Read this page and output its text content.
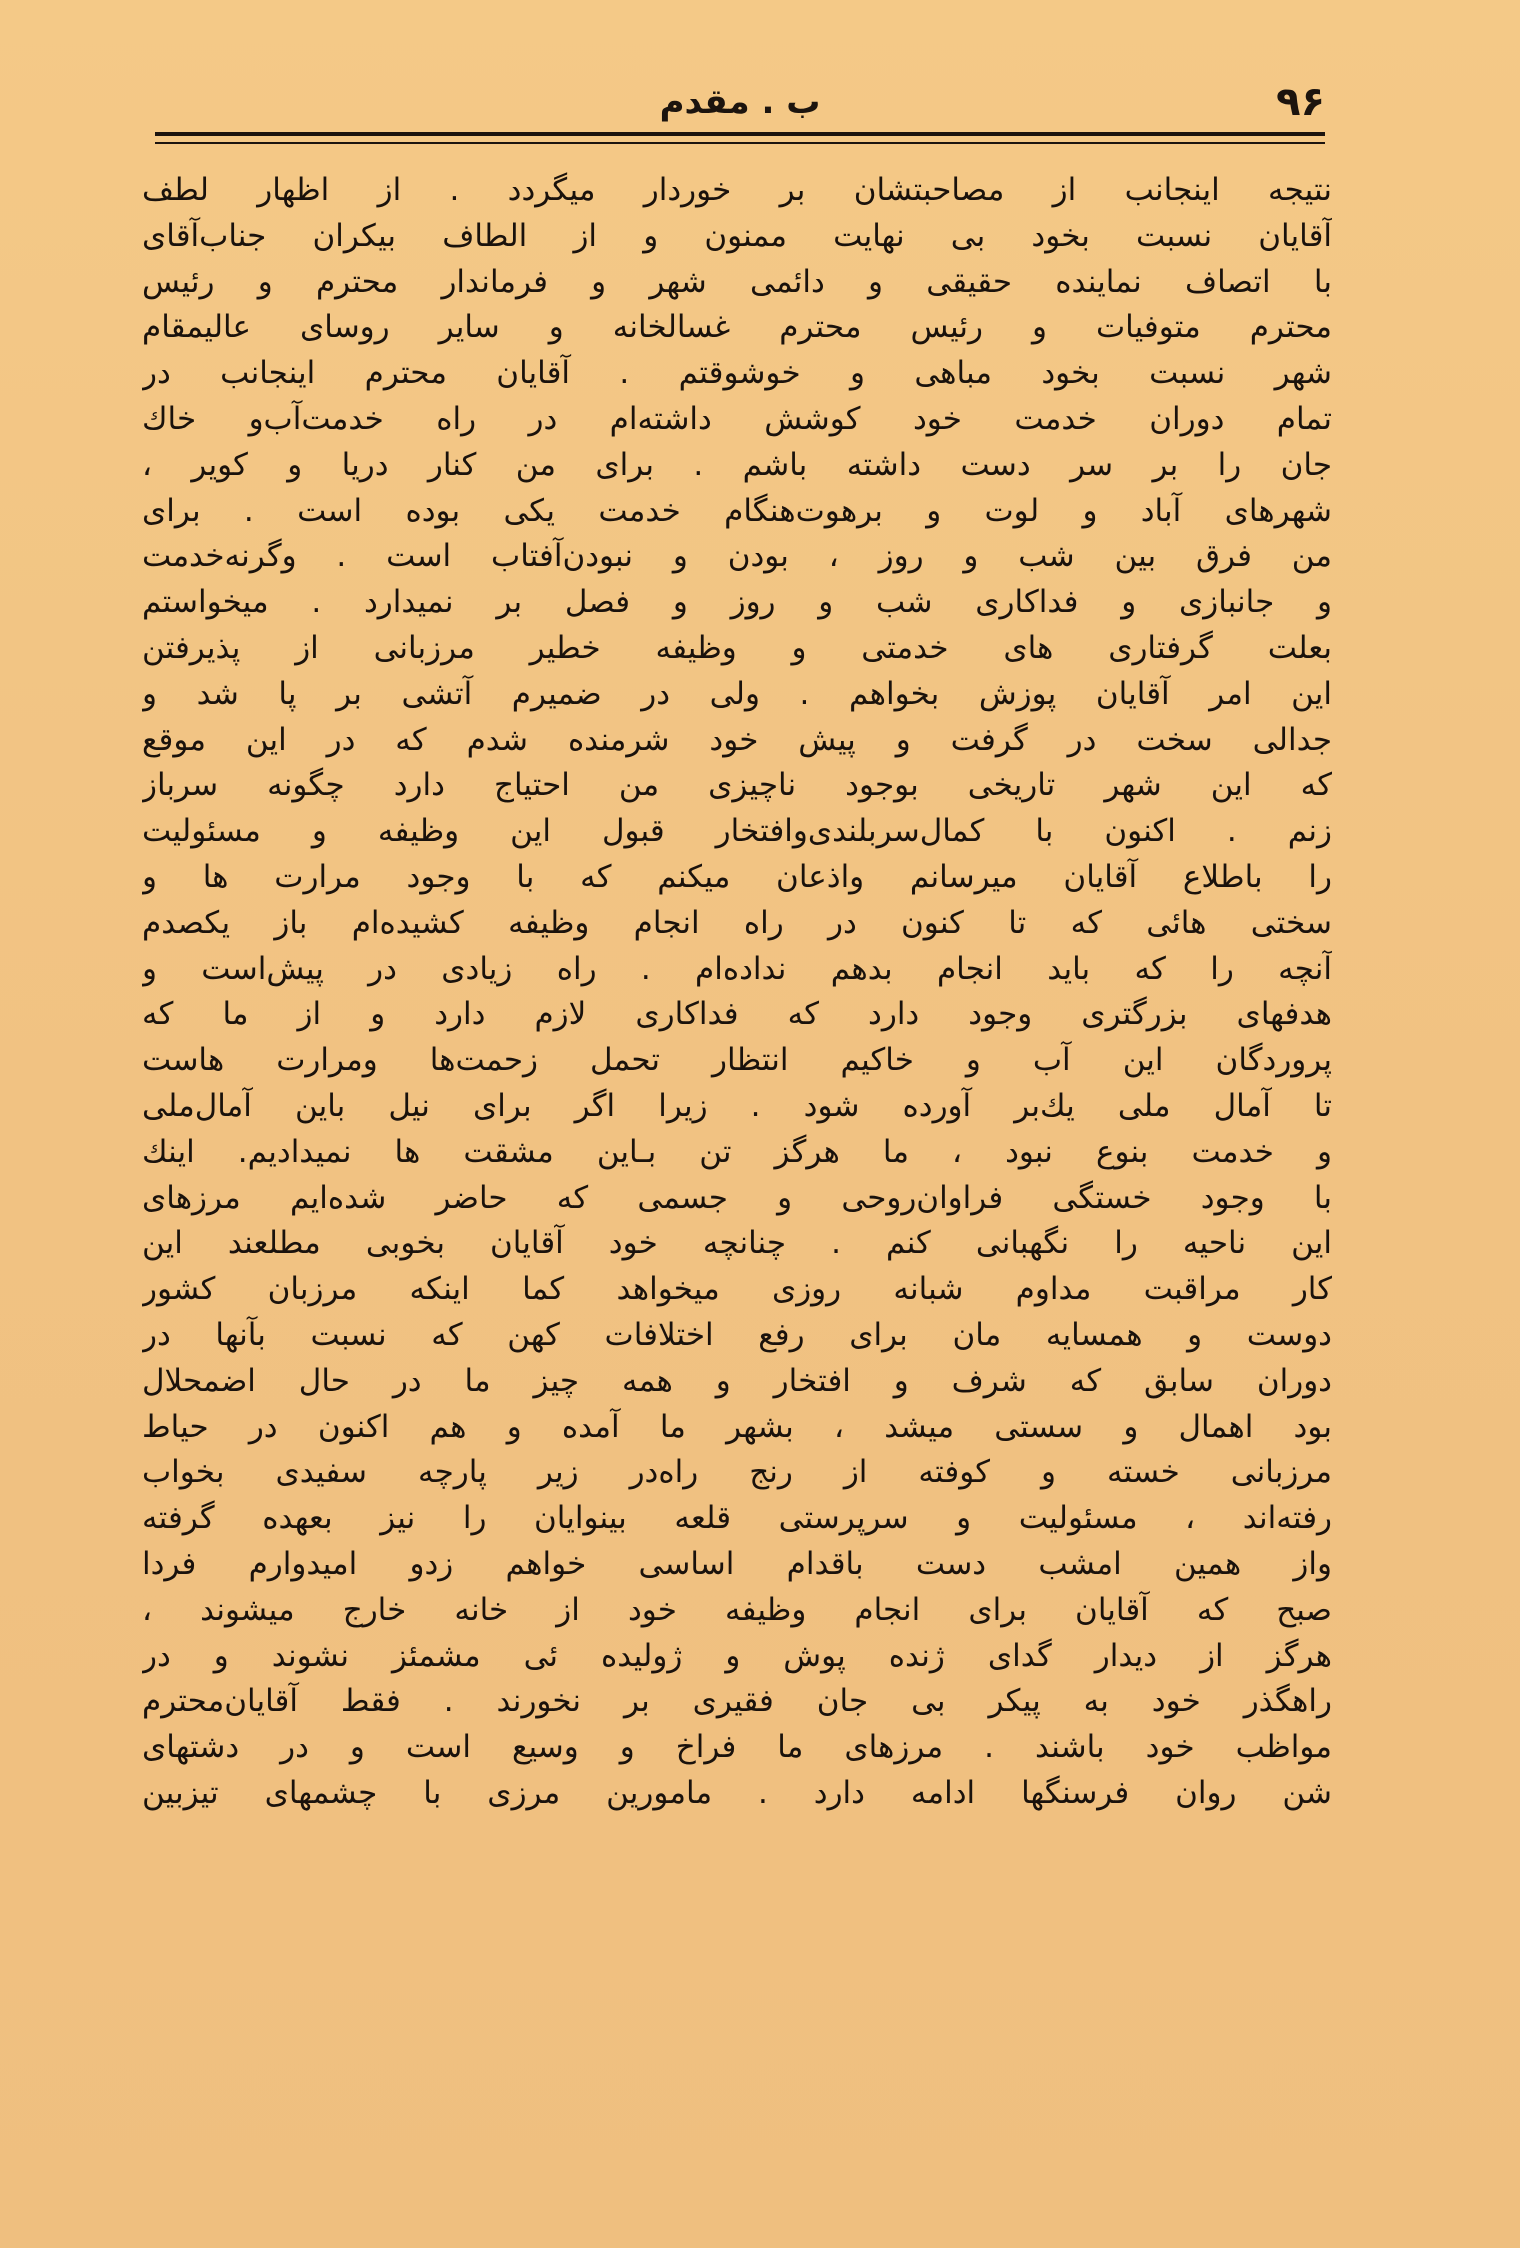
۹۶
ب . مقدم
نتیجه اینجانب از مصاحبتشان بر خوردار میگردد . از اظهار لطف
آقایان نسبت بخود بی نهایت ممنون و از الطاف بیکران جناب‌آقای
با اتصاف نماینده حقیقی و دائمی شهر و فرماندار محترم و رئیس
محترم متوفیات و رئیس محترم غسالخانه و سایر روسای عالیمقام
شهر نسبت بخود مباهی و خوشوقتم . آقایان محترم اینجانب در
تمام دوران خدمت خود کوشش داشته‌ام در راه خدمت‌آب‌و خاك
جان را بر سر دست داشته باشم . برای من کنار دریا و کویر ،
شهرهای آباد و لوت و برهوت‌هنگام خدمت یکی بوده است . برای
من فرق بین شب و روز ، بودن و نبودن‌آفتاب است . وگرنه‌خدمت
و جانبازی و فداکاری شب و روز و فصل بر نمیدارد . میخواستم
بعلت گرفتاری های خدمتی و وظیفه خطیر مرزبانی از پذیرفتن
این امر آقایان پوزش بخواهم . ولی در ضمیرم آتشی بر پا شد و
جدالی سخت در گرفت و پیش خود شرمنده شدم که در این موقع
که این شهر تاریخی بوجود ناچیزی من احتیاج دارد چگونه سرباز
زنم . اکنون با کمال‌سربلندی‌وافتخار قبول این وظیفه و مسئولیت
را باطلاع آقایان میرسانم واذعان میکنم که با وجود مرارت ها و
سختی هائی که تا کنون در راه انجام وظیفه کشیده‌ام باز یکصدم
آنچه را که باید انجام بدهم نداده‌ام . راه زیادی در پیش‌است و
هدفهای بزرگتری وجود دارد که فداکاری لازم دارد و از ما که
پروردگان این آب و خاکیم انتظار تحمل زحمت‌ها ومرارت هاست
تا آمال ملی یك‌بر آورده شود . زیرا اگر برای نیل باین آمال‌ملی
و خدمت بنوع نبود ، ما هرگز تن بـاین مشقت ها نمیدادیم. اینك
با وجود خستگی فراوان‌روحی و جسمی که حاضر شده‌ایم مرزهای
این ناحیه را نگهبانی کنم . چنانچه خود آقایان بخوبی مطلعند این
کار مراقبت مداوم شبانه روزی میخواهد کما اینکه مرزبان کشور
دوست و همسایه مان برای رفع اختلافات کهن که نسبت بآنها در
دوران سابق که شرف و افتخار و همه چیز ما در حال اضمحلال
بود اهمال و سستی میشد ، بشهر ما آمده و هم اکنون در حیاط
مرزبانی خسته و کوفته از رنج راه‌در زیر پارچه سفیدی بخواب
رفته‌اند ، مسئولیت و سرپرستی قلعه بینوایان را نیز بعهده گرفته
واز همین امشب دست باقدام اساسی خواهم زدو امیدوارم فردا
صبح که آقایان برای انجام وظیفه خود از خانه خارج میشوند ،
هرگز از دیدار گدای ژنده پوش و ژولیده ئی مشمئز نشوند و در
راهگذر خود به پیکر بی جان فقیری بر نخورند . فقط آقایان‌محترم
مواظب خود باشند . مرزهای ما فراخ و وسیع است و در دشتهای
شن روان فرسنگها ادامه دارد . مامورین مرزی با چشمهای تیزبین
